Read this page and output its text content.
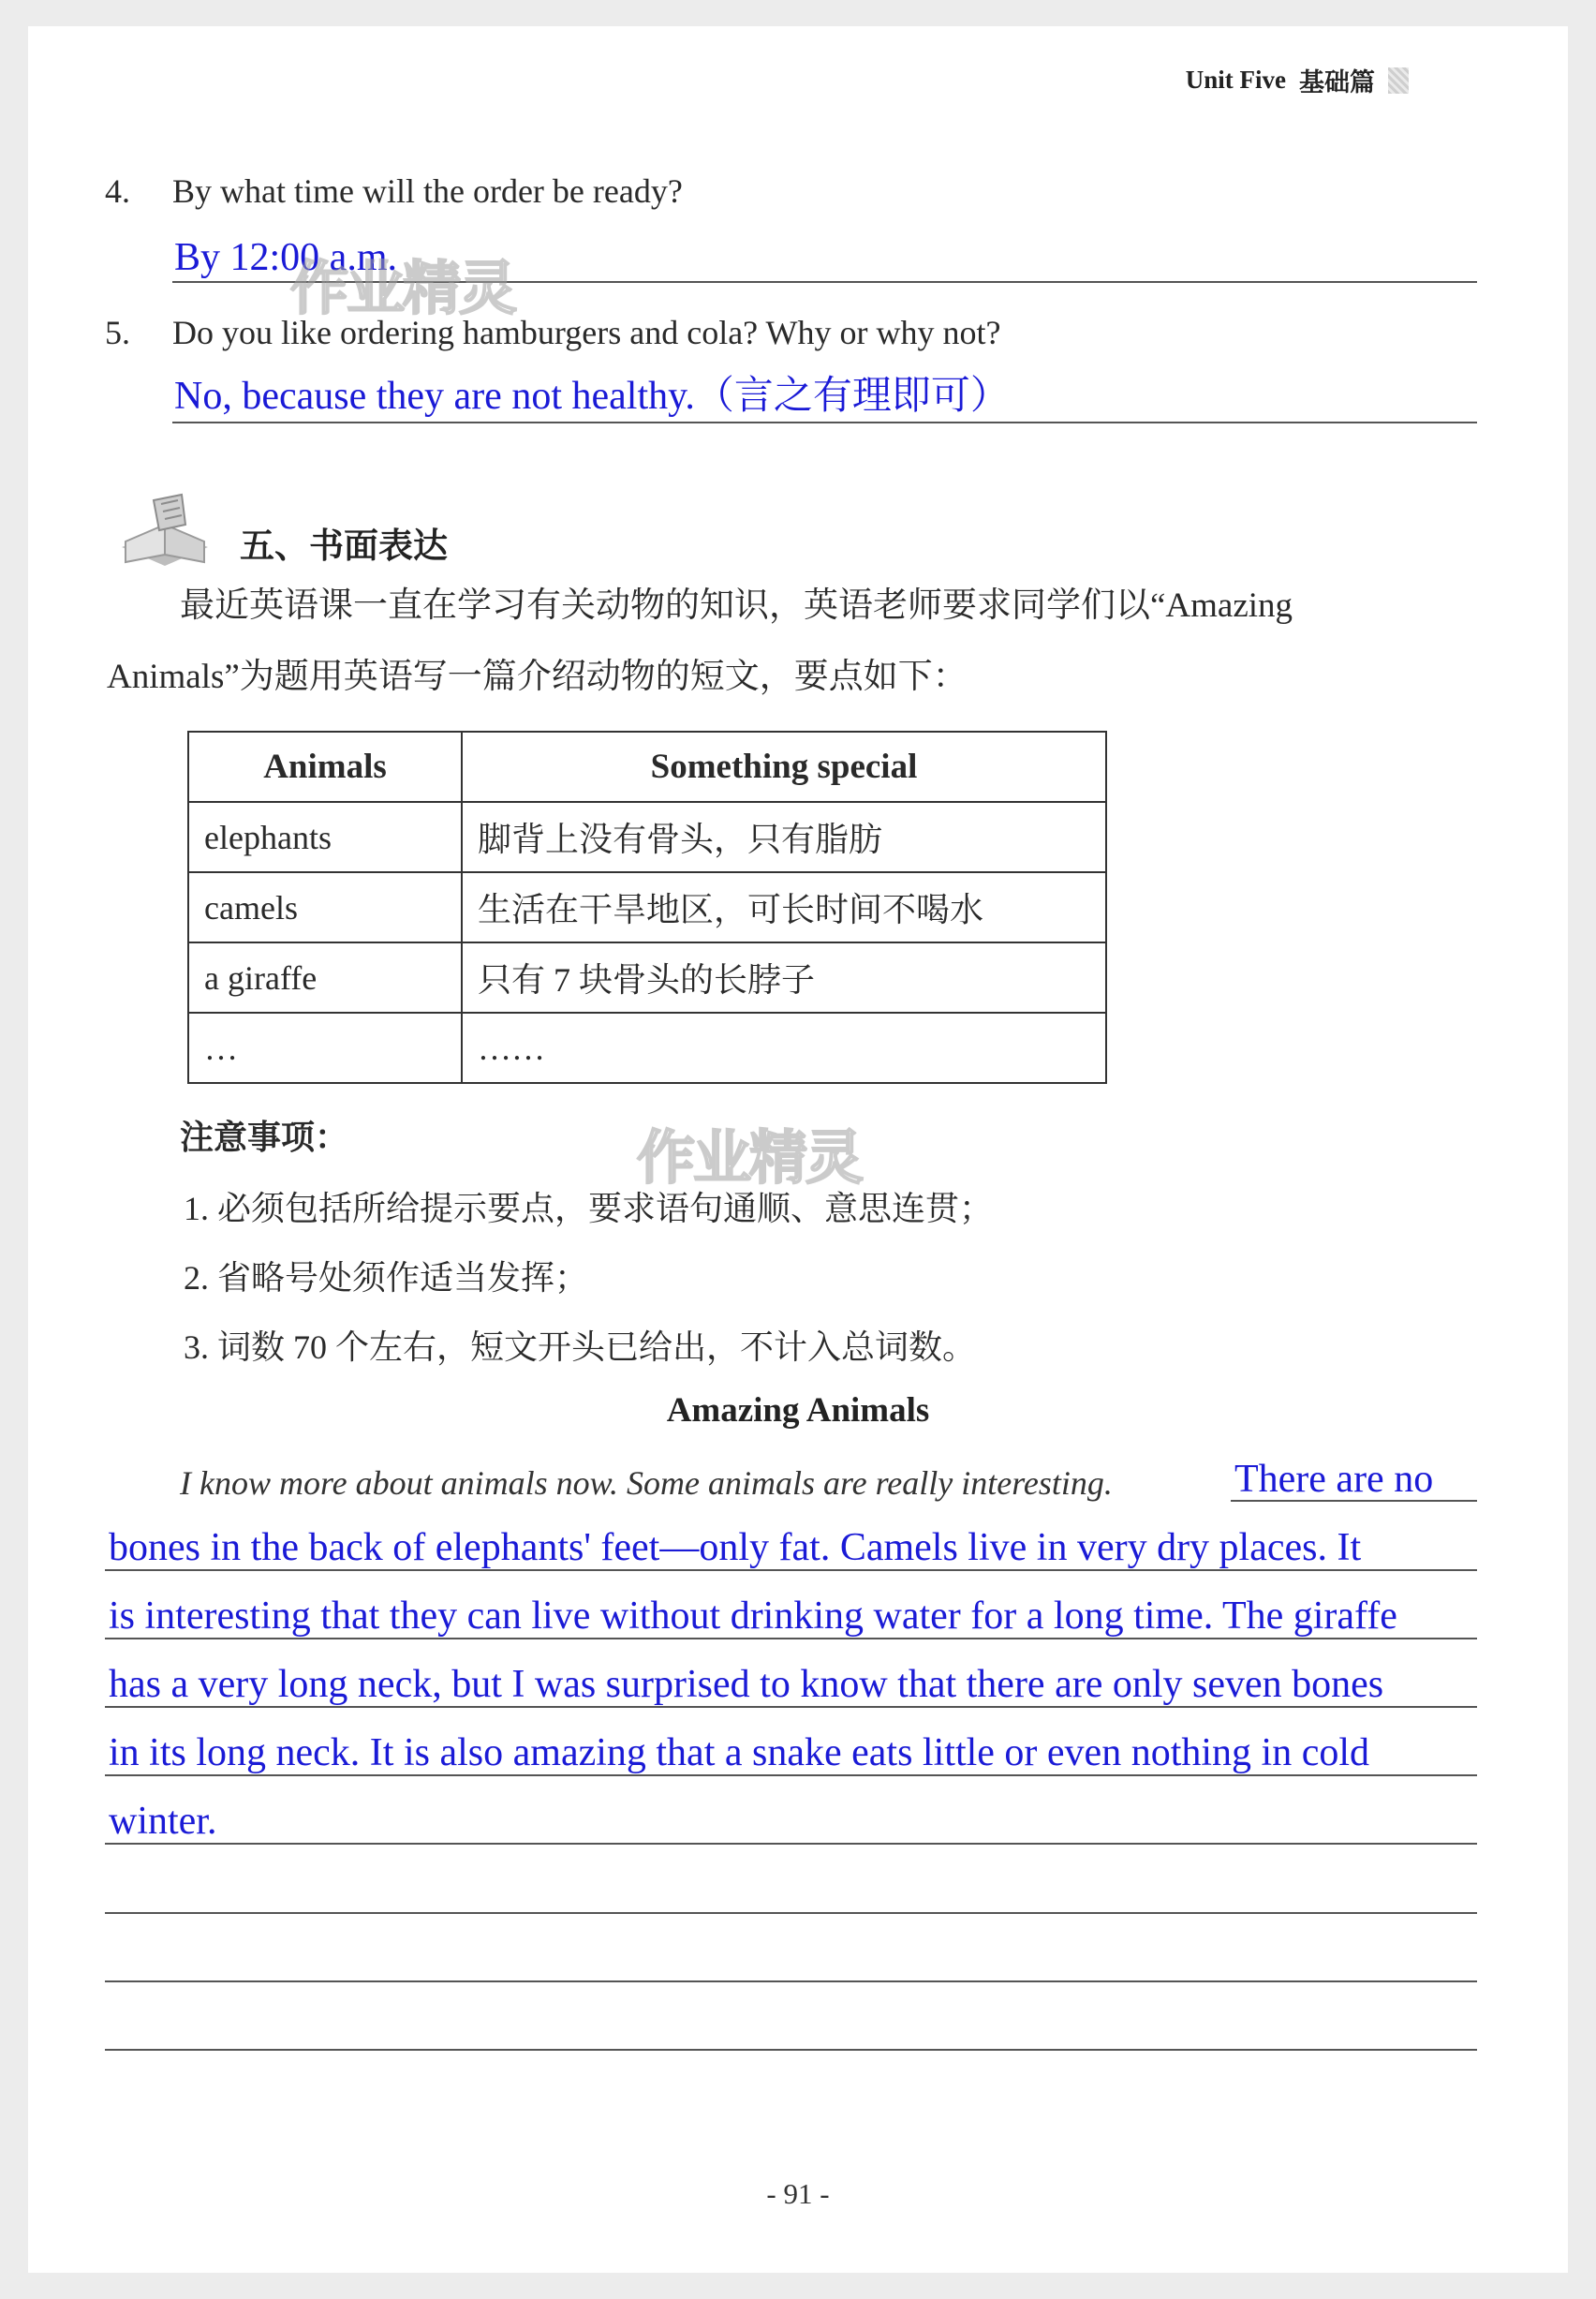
Unit Five 基础篇
4. By what time will the order be ready?
By 12:00 a.m.
5. Do you like ordering hamburgers and cola? Why or why not?
No, because they are not healthy.（言之有理即可）
五、书面表达
最近英语课一直在学习有关动物的知识，英语老师要求同学们以“Amazing
Animals”为题用英语写一篇介绍动物的短文，要点如下：
Animals	Something special
elephants	脚背上没有骨头，只有脂肪
camels	生活在干旱地区，可长时间不喝水
a giraffe	只有 7 块骨头的长脖子
…	……
注意事项：
1. 必须包括所给提示要点，要求语句通顺、意思连贯；
2. 省略号处须作适当发挥；
3. 词数 70 个左右，短文开头已给出，不计入总词数。
Amazing Animals
I know more about animals now. Some animals are really interesting.	There are no
bones in the back of elephants' feet—only fat. Camels live in very dry places. It
is interesting that they can live without drinking water for a long time. The giraffe
has a very long neck, but I was surprised to know that there are only seven bones
in its long neck. It is also amazing that a snake eats little or even nothing in cold
winter.
作业精灵
作业精灵
- 91 -
